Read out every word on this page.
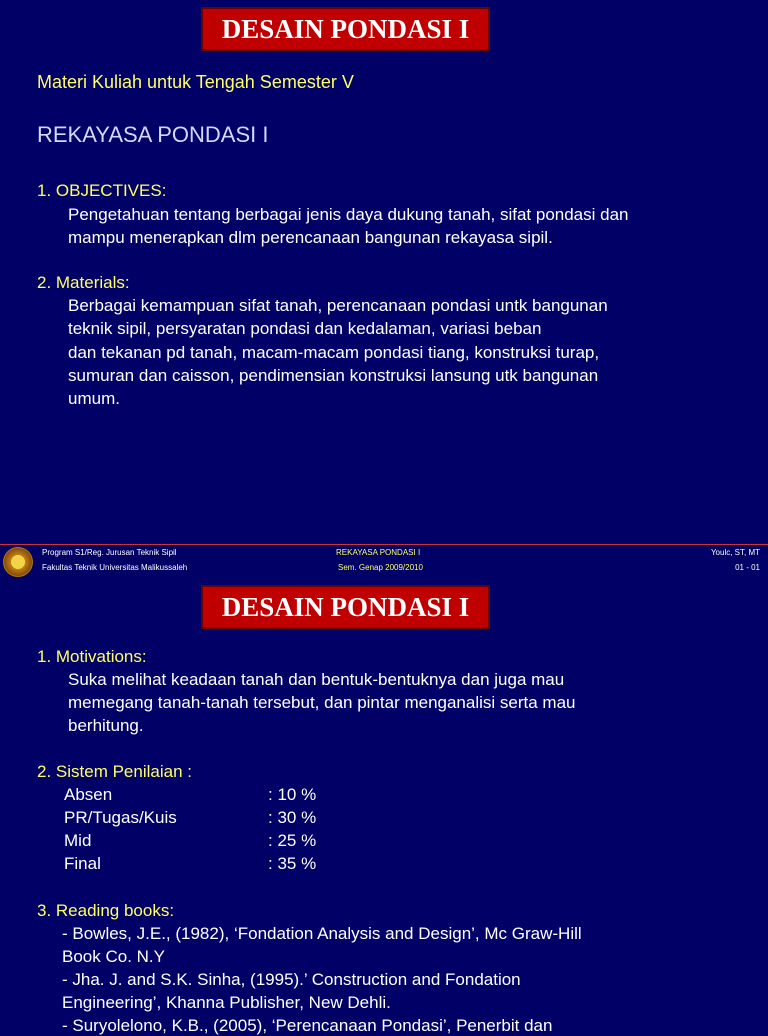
DESAIN PONDASI I
Materi Kuliah untuk Tengah Semester V
REKAYASA PONDASI I
1. OBJECTIVES:
Pengetahuan tentang berbagai jenis daya dukung tanah, sifat pondasi dan
mampu menerapkan dlm perencanaan bangunan rekayasa sipil.
2. Materials:
Berbagai kemampuan sifat tanah, perencanaan pondasi untk bangunan
teknik sipil, persyaratan pondasi dan kedalaman, variasi beban
dan tekanan pd tanah, macam-macam pondasi tiang, konstruksi turap,
sumuran dan caisson, pendimensian konstruksi lansung utk bangunan
umum.
Program S1/Reg. Jurusan Teknik Sipil
Fakultas Teknik Universitas Malikussaleh
REKAYASA PONDASI I
Sem. Genap 2009/2010
Youlc, ST, MT
01 - 01
DESAIN PONDASI I
1. Motivations:
Suka melihat keadaan tanah dan bentuk-bentuknya dan juga mau
memegang tanah-tanah tersebut, dan pintar menganalisi serta mau
berhitung.
2. Sistem Penilaian :
Absen	: 10 %
PR/Tugas/Kuis	: 30 %
Mid	: 25 %
Final	: 35 %
3. Reading books:
- Bowles, J.E., (1982), ‘Fondation Analysis and Design’, Mc Graw-Hill
Book Co. N.Y
- Jha. J. and S.K. Sinha, (1995).’ Construction and Fondation
Engineering’, Khanna Publisher, New Dehli.
- Suryolelono, K.B., (2005), ‘Perencanaan Pondasi’, Penerbit dan
